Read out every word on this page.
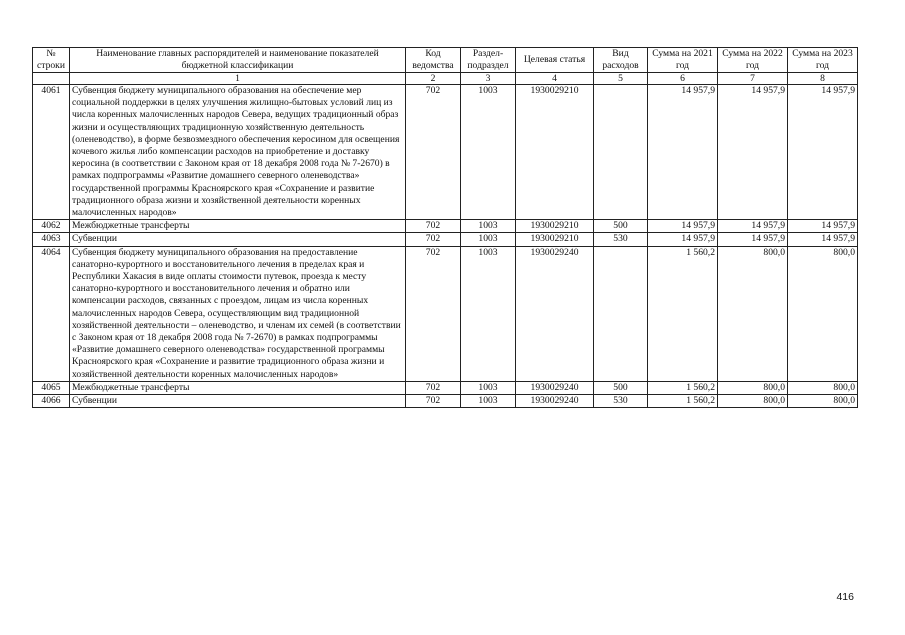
№ строки	Наименование главных распорядителей и наименование показателей бюджетной классификации	Код ведомства	Раздел-подраздел	Целевая статья	Вид расходов	Сумма на 2021 год	Сумма на 2022 год	Сумма на 2023 год
	1	2	3	4	5	6	7	8
4061	Субвенция бюджету муниципального образования на обеспечение мер социальной поддержки в целях улучшения жилищно-бытовых условий лиц из числа коренных малочисленных народов Севера, ведущих традиционный образ жизни и осуществляющих традиционную хозяйственную деятельность (оленеводство), в форме безвозмездного обеспечения керосином для освещения кочевого жилья либо компенсации расходов на приобретение и доставку керосина (в соответствии с Законом края от 18 декабря 2008 года № 7-2670) в рамках подпрограммы «Развитие домашнего северного оленеводства» государственной программы Красноярского края «Сохранение и развитие традиционного образа жизни и хозяйственной деятельности коренных малочисленных народов»	702	1003	1930029210		14 957,9	14 957,9	14 957,9
4062	Межбюджетные трансферты	702	1003	1930029210	500	14 957,9	14 957,9	14 957,9
4063	Субвенции	702	1003	1930029210	530	14 957,9	14 957,9	14 957,9
4064	Субвенция бюджету муниципального образования на предоставление санаторно-курортного и восстановительного лечения в пределах края и Республики Хакасия в виде оплаты стоимости путевок, проезда к месту санаторно-курортного и восстановительного лечения и обратно или компенсации расходов, связанных с проездом, лицам из числа коренных малочисленных народов Севера, осуществляющим вид традиционной хозяйственной деятельности – оленеводство, и членам их семей (в соответствии с Законом края от 18 декабря 2008 года № 7-2670) в рамках подпрограммы «Развитие домашнего северного оленеводства» государственной программы Красноярского края «Сохранение и развитие традиционного образа жизни и хозяйственной деятельности коренных малочисленных народов»	702	1003	1930029240		1 560,2	800,0	800,0
4065	Межбюджетные трансферты	702	1003	1930029240	500	1 560,2	800,0	800,0
4066	Субвенции	702	1003	1930029240	530	1 560,2	800,0	800,0
416
